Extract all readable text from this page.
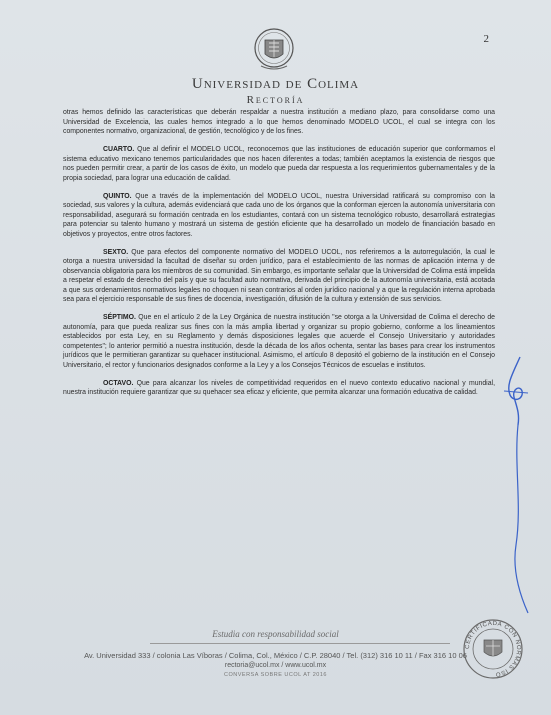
2
Universidad de Colima
Rectoría

otras hemos definido las características que deberán respaldar a nuestra institución a mediano plazo, para consolidarse como una Universidad de Excelencia, las cuales hemos integrado a lo que hemos denominado MODELO UCOL, el cual se integra con los componentes normativo, organizacional, de gestión, tecnológico y de los fines.

CUARTO. Que al definir el MODELO UCOL, reconocemos que las instituciones de educación superior que conformamos el sistema educativo mexicano tenemos particularidades que nos hacen diferentes a todas; también aceptamos la existencia de riesgos que nos pueden permitir crear, a partir de los casos de éxito, un modelo que pueda dar respuesta a los requerimientos gubernamentales y de la propia sociedad, para lograr una educación de calidad.

QUINTO. Que a través de la implementación del MODELO UCOL, nuestra Universidad ratificará su compromiso con la sociedad, sus valores y la cultura, además evidenciará que cada uno de los órganos que la conforman ejercen la autonomía universitaria con responsabilidad, asegurará su formación centrada en los estudiantes, contará con un sistema tecnológico robusto, desarrollará estrategias para potenciar su talento humano y mostrará un sistema de gestión eficiente que ha desarrollado un modelo de financiación basado en objetivos y proyectos, entre otros factores.

SEXTO. Que para efectos del componente normativo del MODELO UCOL, nos referiremos a la autorregulación, la cual le otorga a nuestra universidad la facultad de diseñar su orden jurídico, para el establecimiento de las normas de aplicación interna y de observancia obligatoria para los miembros de su comunidad. Sin embargo, es importante señalar que la Universidad de Colima está impelida a respetar el estado de derecho del país y que su facultad auto normativa, derivada del principio de la autonomía universitaria, está acotada a que sus ordenamientos normativos legales no choquen ni sean contrarios al orden jurídico nacional y a que la regulación interna aprobada sea para el ejercicio responsable de sus fines de docencia, investigación, difusión de la cultura y extensión de sus servicios.

SÉPTIMO. Que en el artículo 2 de la Ley Orgánica de nuestra institución "se otorga a la Universidad de Colima el derecho de autonomía, para que pueda realizar sus fines con la más amplia libertad y organizar su propio gobierno, conforme a los lineamientos establecidos por esta Ley, en su Reglamento y demás disposiciones legales que acuerde el Consejo Universitario y autoridades competentes"; lo anterior permitió a nuestra institución, desde la década de los años ochenta, sentar las bases para crear los instrumentos jurídicos que le permitieran garantizar su quehacer institucional. Asimismo, el artículo 8 depositó el gobierno de la institución en el Consejo Universitario, el rector y funcionarios designados conforme a la Ley y a los Consejos Técnicos de escuelas e institutos.

OCTAVO. Que para alcanzar los niveles de competitividad requeridos en el nuevo contexto educativo nacional y mundial, nuestra institución requiere garantizar que su quehacer sea eficaz y eficiente, que permita alcanzar una formación educativa de calidad.

Estudia con responsabilidad social
Av. Universidad 333 / colonia Las Víboras / Colima, Col., México / C.P. 28040 / Tel. (312) 316 10 11 / Fax 316 10 06
rectoria@ucol.mx / www.ucol.mx
CONVERSA SOBRE UCOL AT 2016
CERTIFICADA CON NORMAS ISO
